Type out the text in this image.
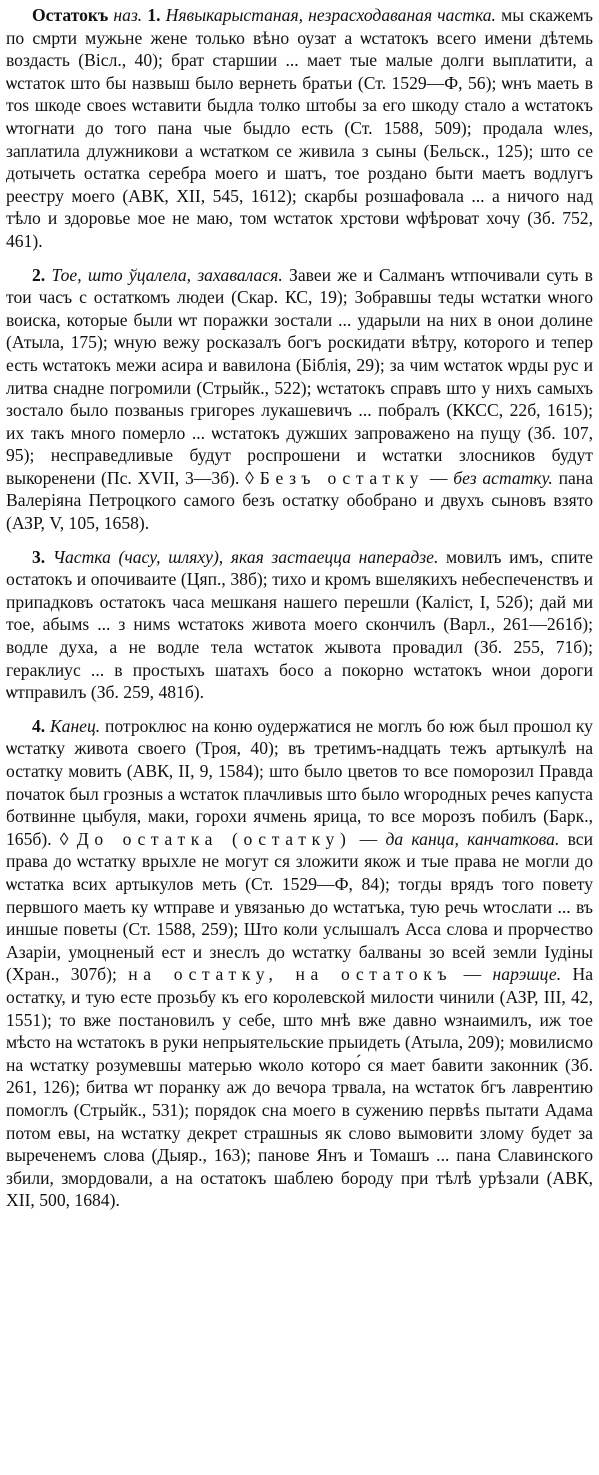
Остатокъ наз. 1. Нявыкарыстаная, незрасходаваная частка. мы скажемъ по смрти мужьне жене только вѣно оузат а ѡстатокъ всего имени дѣтемь воздасть (Вісл., 40); брат старшии ... мает тые малые долги выплатити, а ѡстаток што бы назвыш было вернеть братьи (Ст. 1529—Ф, 56); ѡнъ маеть в тоѕ шкоде своеѕ ѡставити быдла толко штобы за его шкоду стало а ѡстатокъ ѡтогнати до того пана чые быдло есть (Ст. 1588, 509); продала ѡлеѕ, заплатила длужникови а ѡстатком се живила з сыны (Бельск., 125); што се дотычеть остатка серебра моего и шатъ, тое роздано быти маетъ водлугъ реестру моего (АВК, XII, 545, 1612); скарбы розшафовала ... а ничого над тѣло и здоровье мое не маю, том ѡстаток хрстови ѡфѣроват хочу (Зб. 752, 461).

2. Тое, што ўцалела, захавалася. Завеи же и Салманъ ѡтпочивали суть в тои часъ с остаткомъ людеи (Скар. КС, 19); Зобравшы теды ѡстатки ѡного воиска, которые были ѡт поражки зостали ... ударыли на них в онои долине (Атыла, 175); ѡную вежу росказалъ богъ роскидати вѣтру, которого и тепер есть ѡстатокъ межи асира и вавилона (Біблія, 29); за чим ѡстаток ѡрды рус и литва снадне погромили (Стрыйк., 522); ѡстатокъ справъ што у нихъ самыхъ зостало было позваныѕ григореѕ лукашевичъ ... побралъ (ККСС, 22б, 1615); их такъ много померло ... ѡстатокъ дужших запровaжено на пущу (Зб. 107, 95); несправедливые будут роспрошени и ѡстатки злосников будут выкоренени (Пс. XVII, 3—3б). ◊ Безъ остатку — без астатку. пана Валеріяна Петроцкого самого безъ остатку обобрано и двухъ сыновъ взято (АЗР, V, 105, 1658).

3. Частка (часу, шляху), якая застаецца наперадзе. мовилъ имъ, спите остатокъ и опочиваите (Цяп., 38б); тихо и кромъ вшелякихъ небеспеченствъ и припадковъ остатокъ часа мешканя нашего перешли (Каліст, I, 52б); дай ми тое, абымѕ ... з нимѕ ѡстатокѕ живота моего скончилъ (Варл., 261—261б); водле духа, а не водле тела ѡстаток жывота провадил (Зб. 255, 71б); гераклиус ... в простыхъ шатахъ босо а покорно ѡстатокъ ѡнои дороги ѡтправилъ (Зб. 259, 481б).

4. Канец. потроклюс на коню оудержатися не моглъ бо юж был прошол ку ѡстатку живота своего (Троя, 40); въ третимъ-надцать тежъ артыкулѣ на остатку мовить (АВК, II, 9, 1584); што было цветов то все поморозил Правда початок был грозныѕ а ѡстаток плачливыѕ што было ѡгородных речеѕ капуста ботвинне цыбуля, маки, горохи ячмень ярица, то все морозъ побилъ (Барк., 165б). ◊ До остатка (остатку) — да канца, канчаткова. вси права до ѡстатку врыхле не могут ся зложити якож и тые права не могли до ѡстатка всих артыкулов меть (Ст. 1529—Ф, 84); тогды врядъ того повету первшого маеть ку ѡтправе и увязанью до ѡстатъка, тую речь ѡтослати ... въ иншые поветы (Ст. 1588, 259); Што коли услышалъ Асса слова и прорчество Азаріи, умоцненый ест и знеслъ до ѡстатку балваны зо всей земли Іудіны (Хран., 307б); на остатку, на остатокъ — нарэшце. На остатку, и тую есте прозьбу къ его королевской милости чинили (АЗР, III, 42, 1551); то вже постановилъ у себе, што мнѣ вже давно ѡзнаимилъ, иж тое мѣсто на ѡстатокъ в руки непрыятельские прыидеть (Атыла, 209); мовилисмо на ѡстатку розумевшы матерью ѡколо которо́ ся мает бавити законник (Зб. 261, 126); битва ѡт поранку аж до вечора трвала, на ѡстаток бгъ лаврентию помоглъ (Стрыйк., 531); порядок сна моего в сужению первѣѕ пытати Адама потом евы, на ѡстатку декрет страшныѕ як слово вымовити злому будет за выреченемъ слова (Дыяр., 163); панове Янъ и Томашъ ... пана Славинского збили, змордовали, а на остатокъ шаблею бороду при тѣлѣ урѣзали (АВК, XII, 500, 1684).
